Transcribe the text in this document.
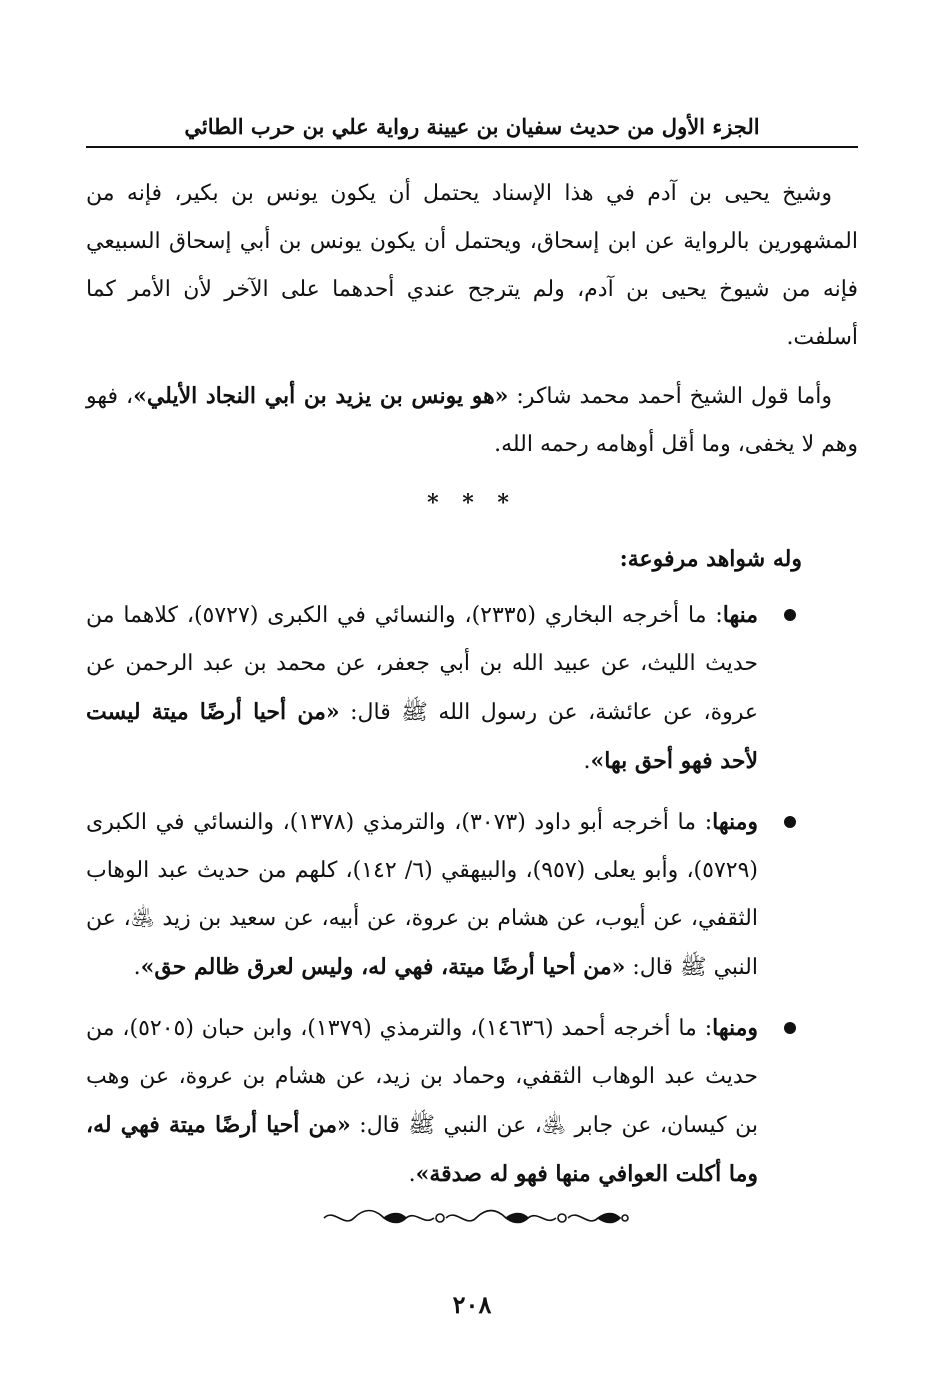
الجزء الأول من حديث سفيان بن عيينة رواية علي بن حرب الطائي

وشيخ يحيى بن آدم في هذا الإسناد يحتمل أن يكون يونس بن بكير، فإنه من المشهورين بالرواية عن ابن إسحاق، ويحتمل أن يكون يونس بن أبي إسحاق السبيعي فإنه من شيوخ يحيى بن آدم، ولم يترجح عندي أحدهما على الآخر لأن الأمر كما أسلفت.

وأما قول الشيخ أحمد محمد شاكر: «هو يونس بن يزيد بن أبي النجاد الأيلي»، فهو وهم لا يخفى، وما أقل أوهامه رحمه الله.

* * *
وله شواهد مرفوعة:
منها: ما أخرجه البخاري (٢٣٣٥)، والنسائي في الكبرى (٥٧٢٧)، كلاهما من حديث الليث، عن عبيد الله بن أبي جعفر، عن محمد بن عبد الرحمن عن عروة، عن عائشة، عن رسول الله ﷺ قال: «من أحيا أرضًا ميتة ليست لأحد فهو أحق بها».
ومنها: ما أخرجه أبو داود (٣٠٧٣)، والترمذي (١٣٧٨)، والنسائي في الكبرى (٥٧٢٩)، وأبو يعلى (٩٥٧)، والبيهقي (٦/ ١٤٢)، كلهم من حديث عبد الوهاب الثقفي، عن أيوب، عن هشام بن عروة، عن أبيه، عن سعيد بن زيد ﵁، عن النبي ﷺ قال: «من أحيا أرضًا ميتة، فهي له، وليس لعرق ظالم حق».
ومنها: ما أخرجه أحمد (١٤٦٣٦)، والترمذي (١٣٧٩)، وابن حبان (٥٢٠٥)، من حديث عبد الوهاب الثقفي، وحماد بن زيد، عن هشام بن عروة، عن وهب بن كيسان، عن جابر ﵁، عن النبي ﷺ قال: «من أحيا أرضًا ميتة فهي له، وما أكلت العوافي منها فهو له صدقة».
٢٠٨
